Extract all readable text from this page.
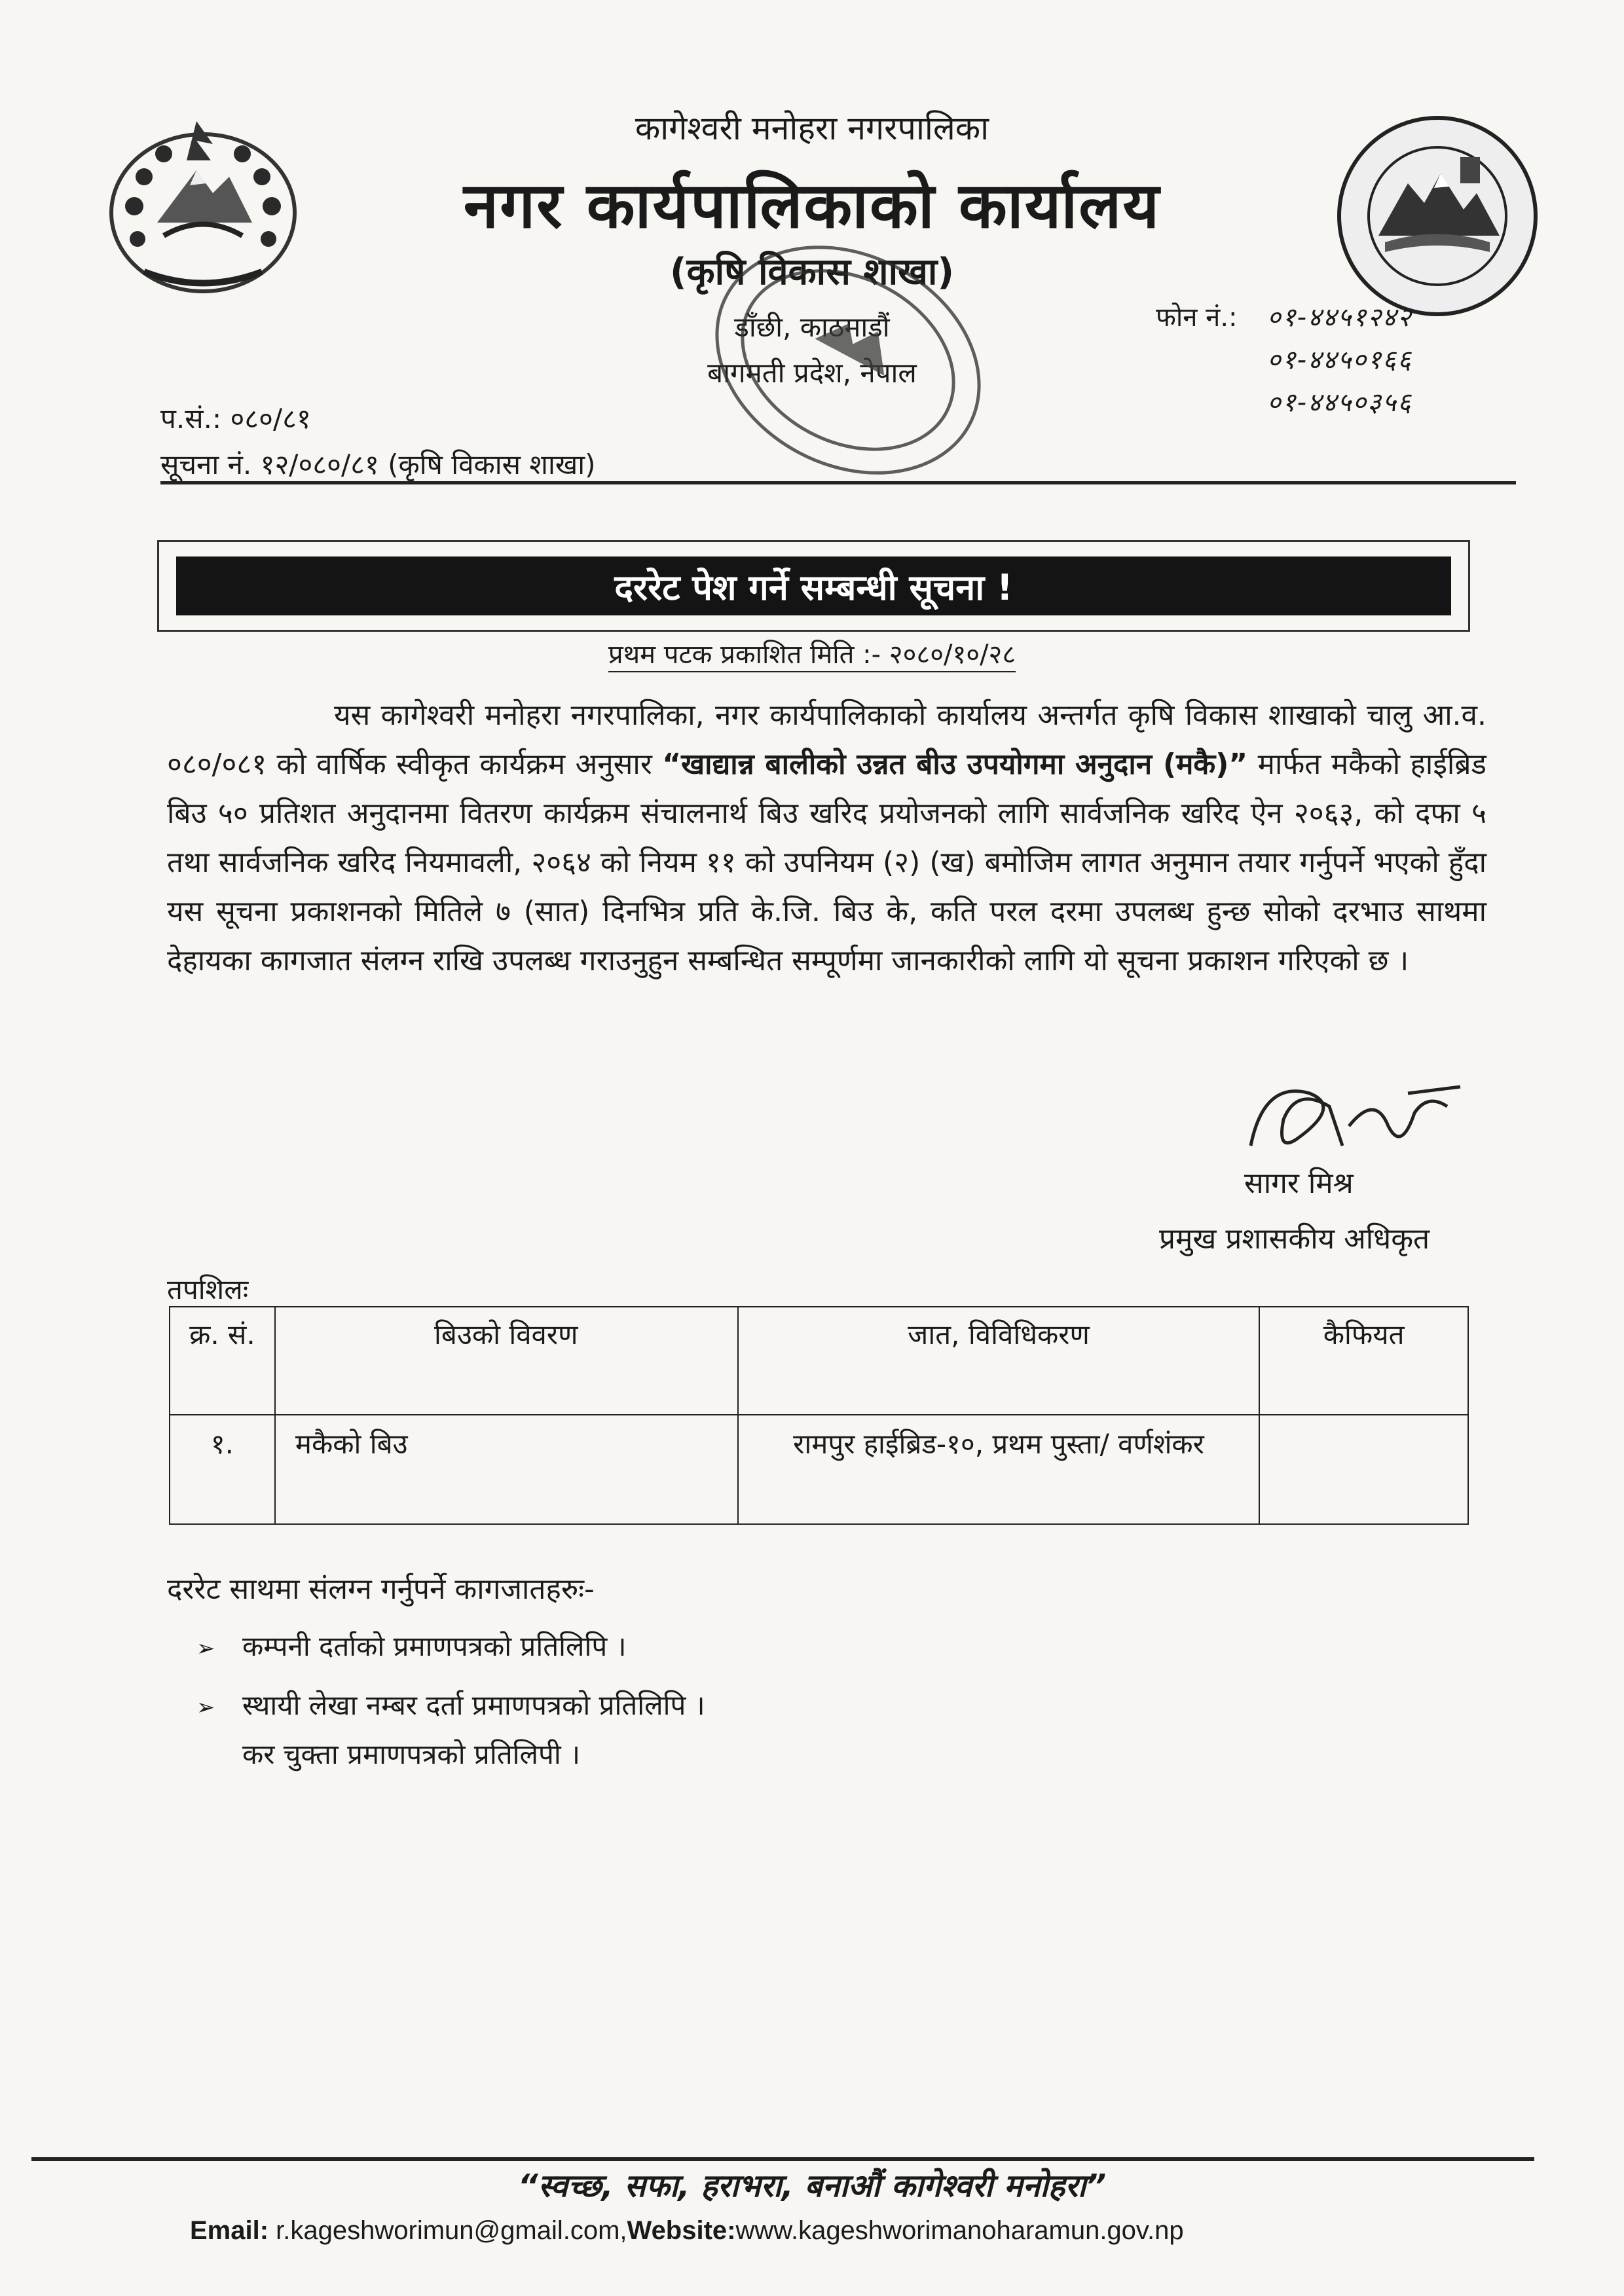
कागेश्वरी मनोहरा नगरपालिका
नगर कार्यपालिकाको कार्यालय
(कृषि विकास शाखा)
डाँछी, काठमाडौं
बागमती प्रदेश, नेपाल
फोन नं.: ०१-४४५१२४२
०१-४४५०१६६
०१-४४५०३५६
प.सं.: ०८०/८१
सूचना नं. १२/०८०/८१ (कृषि विकास शाखा)
दररेट पेश गर्ने सम्बन्धी सूचना !
प्रथम पटक प्रकाशित मिति :- २०८०/१०/२८
यस कागेश्वरी मनोहरा नगरपालिका, नगर कार्यपालिकाको कार्यालय अन्तर्गत कृषि विकास शाखाको चालु आ.व. ०८०/०८१ को वार्षिक स्वीकृत कार्यक्रम अनुसार “खाद्यान्न बालीको उन्नत बीउ उपयोगमा अनुदान (मकै)” मार्फत मकैको हाईब्रिड बिउ ५० प्रतिशत अनुदानमा वितरण कार्यक्रम संचालनार्थ बिउ खरिद प्रयोजनको लागि सार्वजनिक खरिद ऐन २०६३, को दफा ५ तथा सार्वजनिक खरिद नियमावली, २०६४ को नियम ११ को उपनियम (२) (ख) बमोजिम लागत अनुमान तयार गर्नुपर्ने भएको हुँदा यस सूचना प्रकाशनको मितिले ७ (सात) दिनभित्र प्रति के.जि. बिउ के, कति परल दरमा उपलब्ध हुन्छ सोको दरभाउ साथमा देहायका कागजात संलग्न राखि उपलब्ध गराउनुहुन सम्बन्धित सम्पूर्णमा जानकारीको लागि यो सूचना प्रकाशन गरिएको छ ।
सागर मिश्र
प्रमुख प्रशासकीय अधिकृत
तपशिलः
क्र. सं.	बिउको विवरण	जात, विविधिकरण	कैफियत
१.	मकैको बिउ	रामपुर हाईब्रिड-१०, प्रथम पुस्ता/ वर्णशंकर	
दररेट साथमा संलग्न गर्नुपर्ने कागजातहरुः-
➢ कम्पनी दर्ताको प्रमाणपत्रको प्रतिलिपि ।
➢ स्थायी लेखा नम्बर दर्ता प्रमाणपत्रको प्रतिलिपि ।
कर चुक्ता प्रमाणपत्रको प्रतिलिपी ।
“स्वच्छ, सफा, हराभरा, बनाऔं कागेश्वरी मनोहरा”
Email: r.kageshworimun@gmail.com,Website:www.kageshworimanoharamun.gov.np
